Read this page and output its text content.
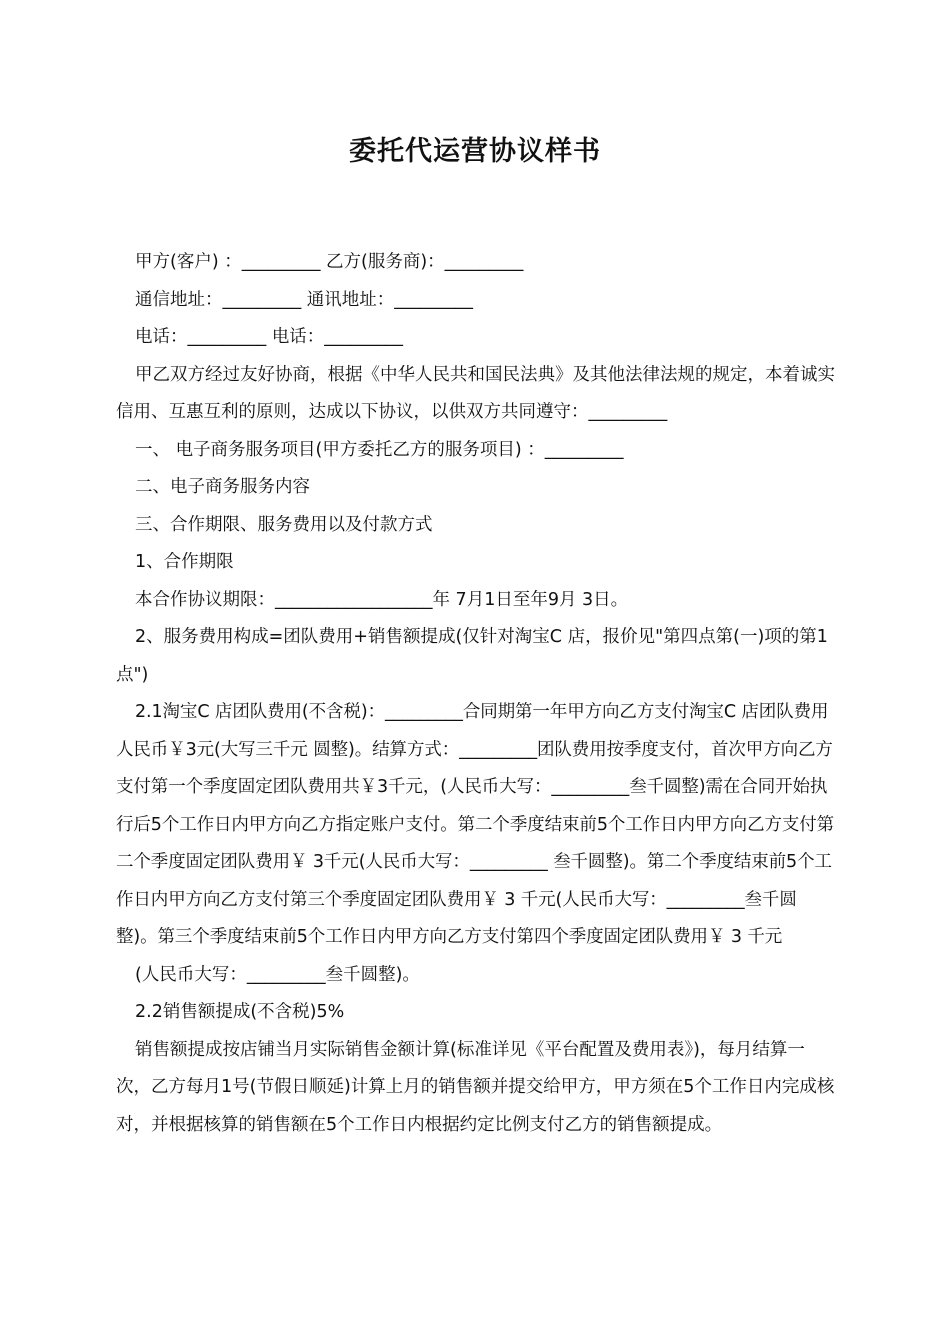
委托代运营协议样书

甲方(客户) ：_________ 乙方(服务商)：_________

通信地址：_________ 通讯地址：_________

电话：_________ 电话：_________

甲乙双方经过友好协商，根据《中华人民共和国民法典》及其他法律法规的规定，本着诚实信用、互惠互利的原则，达成以下协议，以供双方共同遵守：_________

一、 电子商务服务项目(甲方委托乙方的服务项目) ：_________

二、电子商务服务内容

三、合作期限、服务费用以及付款方式

1、合作期限

本合作协议期限：__________________年 7月1日至年9月 3日。

2、服务费用构成=团队费用+销售额提成(仅针对淘宝C 店，报价见"第四点第(一)项的第1点")

2.1淘宝C 店团队费用(不含税)：_________合同期第一年甲方向乙方支付淘宝C 店团队费用人民币￥3元(大写三千元 圆整)。结算方式：_________团队费用按季度支付，首次甲方向乙方支付第一个季度固定团队费用共￥3千元，(人民币大写：_________叁千圆整)需在合同开始执行后5个工作日内甲方向乙方指定账户支付。第二个季度结束前5个工作日内甲方向乙方支付第二个季度固定团队费用￥ 3千元(人民币大写：_________ 叁千圆整)。第二个季度结束前5个工作日内甲方向乙方支付第三个季度固定团队费用￥ 3 千元(人民币大写：_________叁千圆整)。第三个季度结束前5个工作日内甲方向乙方支付第四个季度固定团队费用￥ 3 千元

(人民币大写：_________叁千圆整)。

2.2销售额提成(不含税)5%

销售额提成按店铺当月实际销售金额计算(标准详见《平台配置及费用表》)，每月结算一次，乙方每月1号(节假日顺延)计算上月的销售额并提交给甲方，甲方须在5个工作日内完成核对，并根据核算的销售额在5个工作日内根据约定比例支付乙方的销售额提成。
